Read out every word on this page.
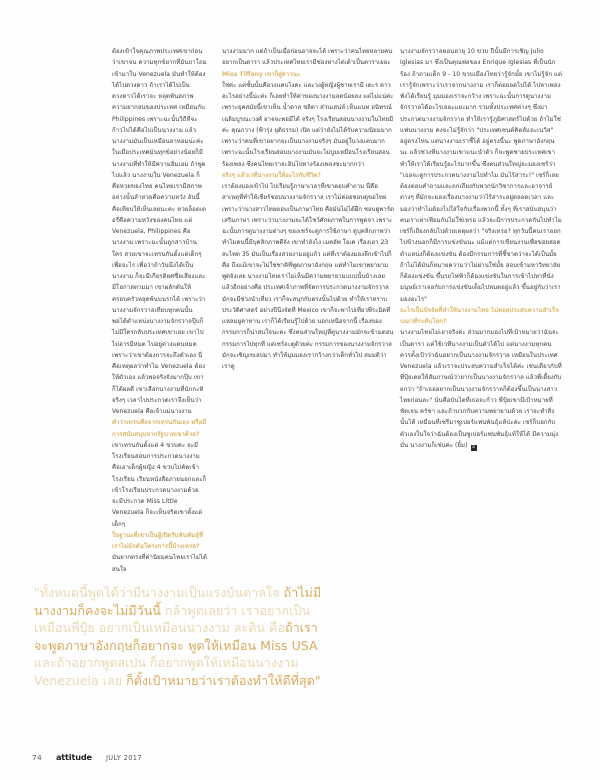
ต้องเข้าใจคุณภาพประเทศเขาก่อนว่าเขาจน ความทุกข์ยากที่มันถาโถมเข้ามาใน Venezuela มันทำให้ต้องได้ไปดวงดาว ถ้าเราได้ไปเป็นดวงดาวได้เราจะ หลุดพ้นสภาพความยากจนของประเทศ เหมือนกับ Philippines เพราะฉะนั้นวิธีที่จะก้าวไปได้คือไปเป็นนางงาม แล้วนางงามมันเป็นเหมือนยาหอมน่ะค่ะ ในเมื่อประเทศมันทุกข์อย่างน้อยก็มีนางงามที่ทำให้มีความอิ่มเอม ถ้าพูดไปแล้ว นางงามใน Venezuela ก็คือหวยของไทย คนไทยเรามีสภาพอย่างนั้นลำหวยคือความหวัง อันนี้คือเทียบให้เห็นเลยนะคะ หวยล็อตเตอรี่คือความหวังของคนไทย แต่ Venezuela, Philippines คือนางงาม เพราะฉะนั้นลูกสาวบ้านใคร สวยเขาจะเทรนกันตั้งแต่เด็กๆ เพื่อจะไร เพื่อว่าถ้าวันนึงได้เป็นนางงาม ก็จะมีเกียรติยศชื่อเสียงและมีโอกาสตามมา เขาผลักดันให้ครอบครัวหลุดพ้นบนรกได้ เพราะว่านางงามจักรวาลเทียบทุกคนนั้น พอได้ตำแหน่งนางงามจักรวาลปุ๊บก็ไม่มีใครกลับประเทศเขาเลย เขาไปไม่อารมีหมด ไปอยู่ต่างแดนหมด เพราะว่าเขาต้องการจะถึงตัวเอง นี่คือเหตุผลว่าทำไม Venezuela ต้องให้ตัวเอง แล้วพอจริงจังมากปุ๊บ เขาก็ได้ผลดี เขาเลือกนางงามที่นักกะทิจริงๆ เวลาไปประกวดเราจึงเห็นว่า Venezuela คือเจ้าแม่นางงาม

คำว่าเทรนคือจากเทรนกันเอง หรือมีการสนับสนุนจากรัฐบาลเขาด้วย?

เขาเทรนกันตั้งแต่ 4 ขวบค่ะ จะมีโรงเรียนสอนการประกวดนางงาม คือเอาเด็กผู้หญิง 4 ขวบไปคัดเข้าโรงเรียน เรียนหนังสือภายนอกและก็เข้าโรงเรียนประกวดนางงามด้วย จะมีประกวด Miss Little Venezuela ก็จะเห็นจริตเขาตั้งแต่เด็กๆ

ในฐานะที่เขาเป็นผู้เปิดรับฟันพันธุ์ที่เราไม่มักดันโครงการนี้บ้างเหรอ?

มันยากตรงที่ค่านิยมคนไทยเราไม่ได้สนใจ

นางงามมาก แต่ถ้าเป็นเมื่อก่อนอาจจะได้ เพราะว่าคนไทยหลายคนอยากเป็นดารา แล้วประเทศไทยเรามีช่องทางไต่เต้าเป็นดาราเยอะ

Miss Tiffany เขาก็สู่ดาวนะ

ใช่ค่ะ แต่ชั้นนั้นคือวงแคบไงคะ และวงผู้หญิงผู้ชายเรามี เดะร ดาว อะไรอย่างนี้น่ะค่ะ ก็เลยทำให้ค่าของนางงามลดน้อยลง แต่ไม่แน่ค่ะ เพราะยุคสมัยนี้เขาเห็น น้ำตาล ชลิตา ส่วนเสน่ห์ เห็นแนท อนิพรณ์ เฉลิมบูรณะวงศ์ อาจจะพอมีได้ จริงๆ โรงเรียนสอนนางงามในไทยมีค่ะ คุณกวาง (ฟ้ารุ่ง ยุติธรรม) เปิด แต่ว่ายังไม่ได้รับความนิยมมาก เพราะว่าคนที่เขาอยากจะเป็นนางงามจริงๆ มันอยู่ในวงแคบมาก เพราะฉะนั้นโรงเรียนสอนนางงามมันจะไม่บูมเหมือนโรงเรียนสอนร้องเพลง ซึ่งคนไทยเราจะอินไปทางร้องเพลงซะมากกว่า

จริงๆ แล้วเวทีนางงามให้อะไรกับชีวิต?

เราต้องมองเข้าไป ไปเรียนรู้ภาษาเวลาที่เขาตอบคำถาม นี่คือสาเหตุที่ทำให้เชียร์ชอบนางงามจักรวาล เราไม่ค่อยชอบดูขอไทยเพราะว่านางสาวไทยตอบเป็นภาษาไทย คือมันไม่ได้ฝึก ชอบดูพาร์ตเสริมภาษา เพราะว่านางงามจะได้โชว์ศักยภาพในการพูดจา เพราะฉะนั้นการดูนางงามต่างๆ ของเชร์จะดูการใช้ภาษา ดูบุคลิกภาพว่าทำไมคนนี้มีบุคลิกภาพดีจัง เขาทำยังไง เมคอัพ โยเค เรื่องเฮา 23 สะไทด 35 มันเป็นเรื่องสวยงามอยู่แก้ว แต่ที่เราต้องมองลึกเข้าไปก็คือ ถึงแม้เขาจะไม่ใช่ชาติที่พูดภาษาอังกฤษ แต่ทำไมเขาพยายามพูดจังเลย นางงามไทยเราไม่เห็นมีความพยายามแบบนั้นบ้างเลย แล้วอีกอย่างคือ ประเทศเจ้าภาพที่จัดการประกวดนางงามจักรวาลมักจะมีช่วงนำเที่ยว เราก็จะสนุกกับตรงนั้นไปด้วย ทำให้เราทราบประวัติศาสตร์ อย่างปีนึงจัดที่ Mexico เขาก็จะพาไปเที่ยวพีระมิดที่แหลมยูคาทาน เราก็ได้เรียนรู้ไปด้วย นอกเหนือจากนี้ เรื่องของกรรมการก็น่าสนใจนะคะ ซึ่งคนส่วนใหญ่ที่ดูนางงามมักจะข้ามตอนกรรมการไปทุกที แต่เชร์จะดูด้วยค่ะ กรรมการของนางงามจักรวาลมักจะเชิญเขเลปมา ทำให้มุมมองเรากว้างกว่าเด็กทั่วไป สมมติว่าเราดู

นางงามจักรวาลตอนอายุ 10 ขวบ ปีนั้นมีการเชิญ Julio Iglesias มา ซึ่งเป็นคุณพ่อของ Enrique Iglesias ที่เป็นนักร้อง ถ้าถามเด็ก 9 - 10 ขวบเมืองไทยว่ารู้จักมั้ย เขาไม่รู้จัก แต่เรารู้จักเพราะว่าเราจากนางงาม เราก็ต่อยอดไปได้ ไปหาเพลงฟังได้เรียนรู้ มุมมองเราจะกว้าง เพราะฉะนั้นการดูนางงามจักรวาลได้อะไรเยอะแยะมาก รวมทั้งประเทศต่างๆ ซึ่งมาประกวดนางงามจักรวาล ทำให้เรารู้ภูมิศาสตร์ไปด้วย ถ้าไม่ใช่แฟนนางงาม คงจะไม่รู้จักว่า "ประเทศเซนต์คิตส์และเนวิส" อยู่ตรงไหน แต่นางงามเราชี้ได้ อยู่ตรงนี้นะ พูดภาษาอังกฤษนะ แล้วช่วงที่นางงามเขาแนะนำตัว ก็จะพูดชายประเทศเขาทำให้เราได้เรียนรู้อะไรมากขึ้น ซึ่งคนส่วนใหญ่จะมองเชร์ว่า "เธอจะดูการประกวดนางงามไปทำไม มันไร้สาระ!" เชร์ก็เลยต้องตอบคำถามและถกเถียงกับพวกนักวิชาการและอาจารย์ต่างๆ ที่มักจะมองเรื่องนางงามว่าไร้สาระอยู่ตลอดเวลา และมองว่าทำไมต้องไปใส่ใจกับเรื่องพวกนี้ ทั้งๆ ที่เราสนับสนุนว่าคนเราเท่าเทียมกันไม่ใช่เหรอ แล้วจะมีการประกวดกันไปทำไม เชร์ก็เถียงกลับไปด้วยเหตุผลว่า "จริงเหรอ? ทุกวันนี้คนเราออกไปข้างนอกก็มีการแข่งขันนะ แม้แต่การเขียนงานเพื่อขอยสอดตำแหน่งก็ต้องแข่งขัน ต้องมีกรรมการที่ชี้ขาดว่าจะได้เป็นมั้ย ถ้าไม่ได้มันก็หมายความว่าไม่ผ่านใช่มั้ย สอบเข้ามหาวิทยาลัยก็ต้องแข่งขัน ขึ้นรถไฟฟ้าก็ต้องแข่งขันในการเข้าไปหาที่นั่ง มนุษย์เราเจอกับการแข่งขันเต็มไปหมดอยู่แล้ว ขึ้นอยู่กับว่าเรามองอะไร"

อะไรเป็นปัจจัยที่ทำให้นางงามไทย ไม่ค่อยประสบความสำเร็จบนเวทีระดับโลก?

นางงามไทยไม่เอาจริงค่ะ ส่วนมากมองไปที่เป้าหมายว่าฉันจะเป็นดารา แค่ใช้เวทีนางงามเป็นตัวได้ไป แต่นางงามทุกคนควรตั้งเป้าว่าฉันอยากเป็นนางงามจักรวาล เหมือนในประเทศ Venezuela แล้วเราจะประสบความสำเร็จได้ค่ะ เช่นเดียวกับที่พี่ปุ้ยเคยให้สัมภาษณ์ว่ายากเป็นนางงามจักรวาล แล้วพี่เตี้ยงกับยกว่า "ถ้าเธออยากเป็นนางงามจักรวาลก็ต้องขึ้นเป็นนางสาวไทยก่อนละ" นั่นคือบันไดที่เธอจะก้าว พี่ปุ้ยเขามีเป้าหมายที่ชัดเจน ครัชา และถ้าบวกกับความพยายามด้วย เราจะทำสิ่งนั้นได้ เหมือนที่เชรีมาซูเปอร์แฟนพันธุ์แท้ปะค่ะ เชร์ก็บอกกับตัวเองในใจว่าฉันต้องเป็นซูเปอร์แฟนพันธุ์แท้ให้ได้ มีความมุ่งมั่น นางงามก็เช่นค่ะ (ยิ้ม) a

"ทั้งหมดนี้พูดได้ว่ามีนางงามเป็นแรงบันดาลใจ ถ้าไม่มีนางงามก็คงจะไม่มีวันนี้ กล้าพูดเลยว่า เราอยากเป็นเหมือนพี่ปุ้ย อยากเป็นเหมือนนางงาม ละติน คือถ้าเราจะพูดภาษาอังกฤษก็อยากจะ พูดให้เหมือน Miss USA และถ้าอยากพูดสเปน ก็อยากพูดให้เหมือนนางงาม Venezuela เลย ก็ตั้งเป้าหมายว่าเราต้องทำให้ดีที่สุด"
74 attitude JULY 2017
